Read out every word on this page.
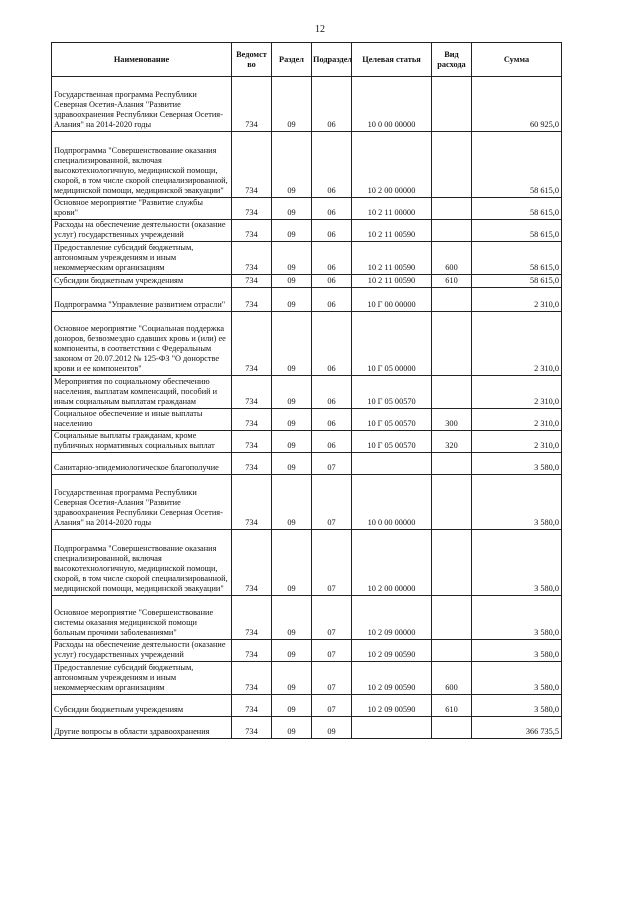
12
Наименование	Ведомст во	Раздел	Подраздел	Целевая статья	Вид расхода	Сумма
Государственная программа Республики Северная Осетия-Алания "Развитие здравоохранения Республики Северная Осетия-Алания" на 2014-2020 годы	734	09	06	10 0 00 00000		60 925,0
Подпрограмма "Совершенствование оказания специализированной, включая высокотехнологичную, медицинской помощи, скорой, в том числе скорой специализированной, медицинской помощи, медицинской эвакуации"	734	09	06	10 2 00 00000		58 615,0
Основное мероприятие "Развитие службы крови"	734	09	06	10 2 11 00000		58 615,0
Расходы на обеспечение деятельности (оказание услуг) государственных учреждений	734	09	06	10 2 11 00590		58 615,0
Предоставление субсидий бюджетным, автономным учреждениям и иным некоммерческим организациям	734	09	06	10 2 11 00590	600	58 615,0
Субсидии бюджетным учреждениям	734	09	06	10 2 11 00590	610	58 615,0
Подпрограмма "Управление развитием отрасли"	734	09	06	10 Г 00 00000		2 310,0
Основное мероприятие "Социальная поддержка доноров, безвозмездно сдавших кровь и (или) ее компоненты, в соответствии с Федеральным законом от 20.07.2012 № 125-ФЗ "О донорстве крови и ее компонентов"	734	09	06	10 Г 05 00000		2 310,0
Мероприятия по социальному обеспечению населения, выплатам компенсаций, пособий и иным социальным выплатам гражданам	734	09	06	10 Г 05 00570		2 310,0
Социальное обеспечение и иные выплаты населению	734	09	06	10 Г 05 00570	300	2 310,0
Социальные выплаты гражданам, кроме публичных нормативных социальных выплат	734	09	06	10 Г 05 00570	320	2 310,0
Санитарно-эпидемиологическое благополучие	734	09	07			3 580,0
Государственная программа Республики Северная Осетия-Алания "Развитие здравоохранения Республики Северная Осетия-Алания" на 2014-2020 годы	734	09	07	10 0 00 00000		3 580,0
Подпрограмма "Совершенствование оказания специализированной, включая высокотехнологичную, медицинской помощи, скорой, в том числе скорой специализированной, медицинской помощи, медицинской эвакуации"	734	09	07	10 2 00 00000		3 580,0
Основное мероприятие "Совершенствование системы оказания медицинской помощи больным прочими заболеваниями"	734	09	07	10 2 09 00000		3 580,0
Расходы на обеспечение деятельности (оказание услуг) государственных учреждений	734	09	07	10 2 09 00590		3 580,0
Предоставление субсидий бюджетным, автономным учреждениям и иным некоммерческим организациям	734	09	07	10 2 09 00590	600	3 580,0
Субсидии бюджетным учреждениям	734	09	07	10 2 09 00590	610	3 580,0
Другие вопросы в области здравоохранения	734	09	09			366 735,5
